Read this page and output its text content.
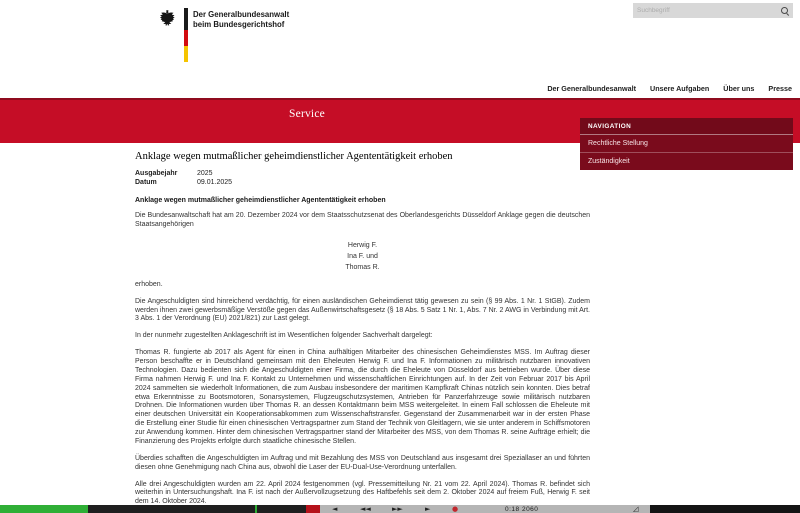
Der Generalbundesanwalt
beim Bundesgerichtshof
Suchbegriff
Der Generalbundesanwalt Unsere Aufgaben Über uns Presse
Service
NAVIGATION
Rechtliche Stellung
Zuständigkeit
Anklage wegen mutmaßlicher geheimdienstlicher Agententätigkeit erhoben
Ausgabejahr	2025
Datum	09.01.2025

Anklage wegen mutmaßlicher geheimdienstlicher Agententätigkeit erhoben

Die Bundesanwaltschaft hat am 20. Dezember 2024 vor dem Staatsschutzsenat des Oberlandesgerichts Düsseldorf Anklage gegen die deutschen Staatsangehörigen

Herwig F.
Ina F. und
Thomas R.

erhoben.

Die Angeschuldigten sind hinreichend verdächtig, für einen ausländischen Geheimdienst tätig gewesen zu sein (§ 99 Abs. 1 Nr. 1 StGB). Zudem werden ihnen zwei gewerbsmäßige Verstöße gegen das Außenwirtschaftsgesetz (§ 18 Abs. 5 Satz 1 Nr. 1, Abs. 7 Nr. 2 AWG in Verbindung mit Art. 3 Abs. 1 der Verordnung (EU) 2021/821) zur Last gelegt.

In der nunmehr zugestellten Anklageschrift ist im Wesentlichen folgender Sachverhalt dargelegt:

Thomas R. fungierte ab 2017 als Agent für einen in China aufhältigen Mitarbeiter des chinesischen Geheimdienstes MSS. Im Auftrag dieser Person beschaffte er in Deutschland gemeinsam mit den Eheleuten Herwig F. und Ina F. Informationen zu militärisch nutzbaren innovativen Technologien. Dazu bedienten sich die Angeschuldigten einer Firma, die durch die Eheleute von Düsseldorf aus betrieben wurde. Über diese Firma nahmen Herwig F. und Ina F. Kontakt zu Unternehmen und wissenschaftlichen Einrichtungen auf. In der Zeit von Februar 2017 bis April 2024 sammelten sie wiederholt Informationen, die zum Ausbau insbesondere der maritimen Kampfkraft Chinas nützlich sein konnten. Dies betraf etwa Erkenntnisse zu Bootsmotoren, Sonarsystemen, Flugzeugschutzsystemen, Antrieben für Panzerfahrzeuge sowie militärisch nutzbaren Drohnen. Die Informationen wurden über Thomas R. an dessen Kontaktmann beim MSS weitergeleitet. In einem Fall schlossen die Eheleute mit einer deutschen Universität ein Kooperationsabkommen zum Wissenschaftstransfer. Gegenstand der Zusammenarbeit war in der ersten Phase die Erstellung einer Studie für einen chinesischen Vertragspartner zum Stand der Technik von Gleitlagern, wie sie unter anderem in Schiffsmotoren zur Anwendung kommen. Hinter dem chinesischen Vertragspartner stand der Mitarbeiter des MSS, von dem Thomas R. seine Aufträge erhielt; die Finanzierung des Projekts erfolgte durch staatliche chinesische Stellen.

Überdies schafften die Angeschuldigten im Auftrag und mit Bezahlung des MSS von Deutschland aus insgesamt drei Speziallaser an und führten diesen ohne Genehmigung nach China aus, obwohl die Laser der EU-Dual-Use-Verordnung unterfallen.

Alle drei Angeschuldigten wurden am 22. April 2024 festgenommen (vgl. Pressemitteilung Nr. 21 vom 22. April 2024). Thomas R. befindet sich weiterhin in Untersuchungshaft. Ina F. ist nach der Außervollzugsetzung des Haftbefehls seit dem 2. Oktober 2024 auf freiem Fuß, Herwig F. seit dem 14. Oktober 2024.

◄	◄◄	►►	►	●	0:18 2060	◿
